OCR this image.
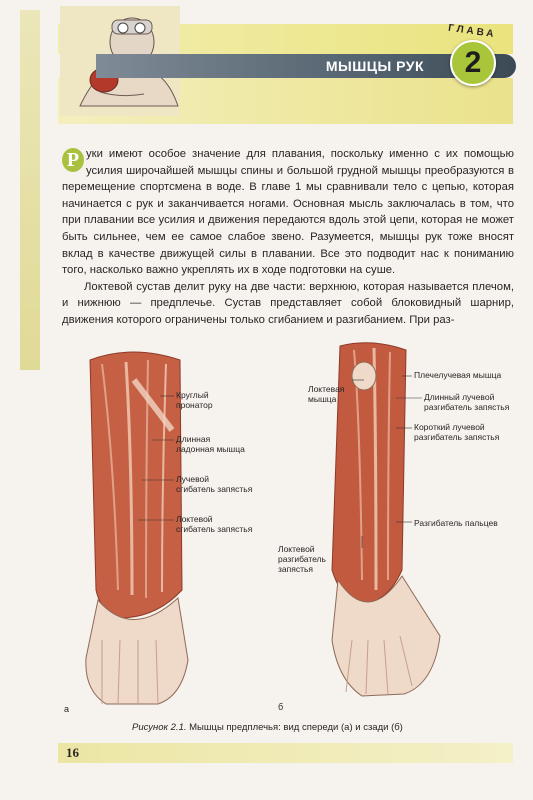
МЫШЦЫ РУК
ГЛАВА
2

Р уки имеют особое значение для плавания, поскольку именно с их помощью усилия широчайшей мышцы спины и большой грудной мышцы преобразуются в перемещение спортсмена в воде. В главе 1 мы сравнивали тело с цепью, которая начинается с рук и заканчивается ногами. Основная мысль заключалась в том, что при плавании все усилия и движения передаются вдоль этой цепи, которая не может быть сильнее, чем ее самое слабое звено. Разумеется, мышцы рук тоже вносят вклад в качестве движущей силы в плавании. Все это подводит нас к пониманию того, насколько важно укреплять их в ходе подготовки на суше.

Локтевой сустав делит руку на две части: верхнюю, которая называется плечом, и нижнюю — предплечье. Сустав представляет собой блоковидный шарнир, движения которого ограничены только сгибанием и разгибанием. При раз-

Круглый
пронатор
Длинная
ладонная мышца
Лучевой
сгибатель запястья
Локтевой
сгибатель запястья
Локтевая
мышца
Плечелучевая мышца
Длинный лучевой
разгибатель запястья
Короткий лучевой
разгибатель запястья
Разгибатель пальцев
Локтевой
разгибатель
запястья
а	б
Рисунок 2.1. Мышцы предплечья: вид спереди (а) и сзади (б)
16
